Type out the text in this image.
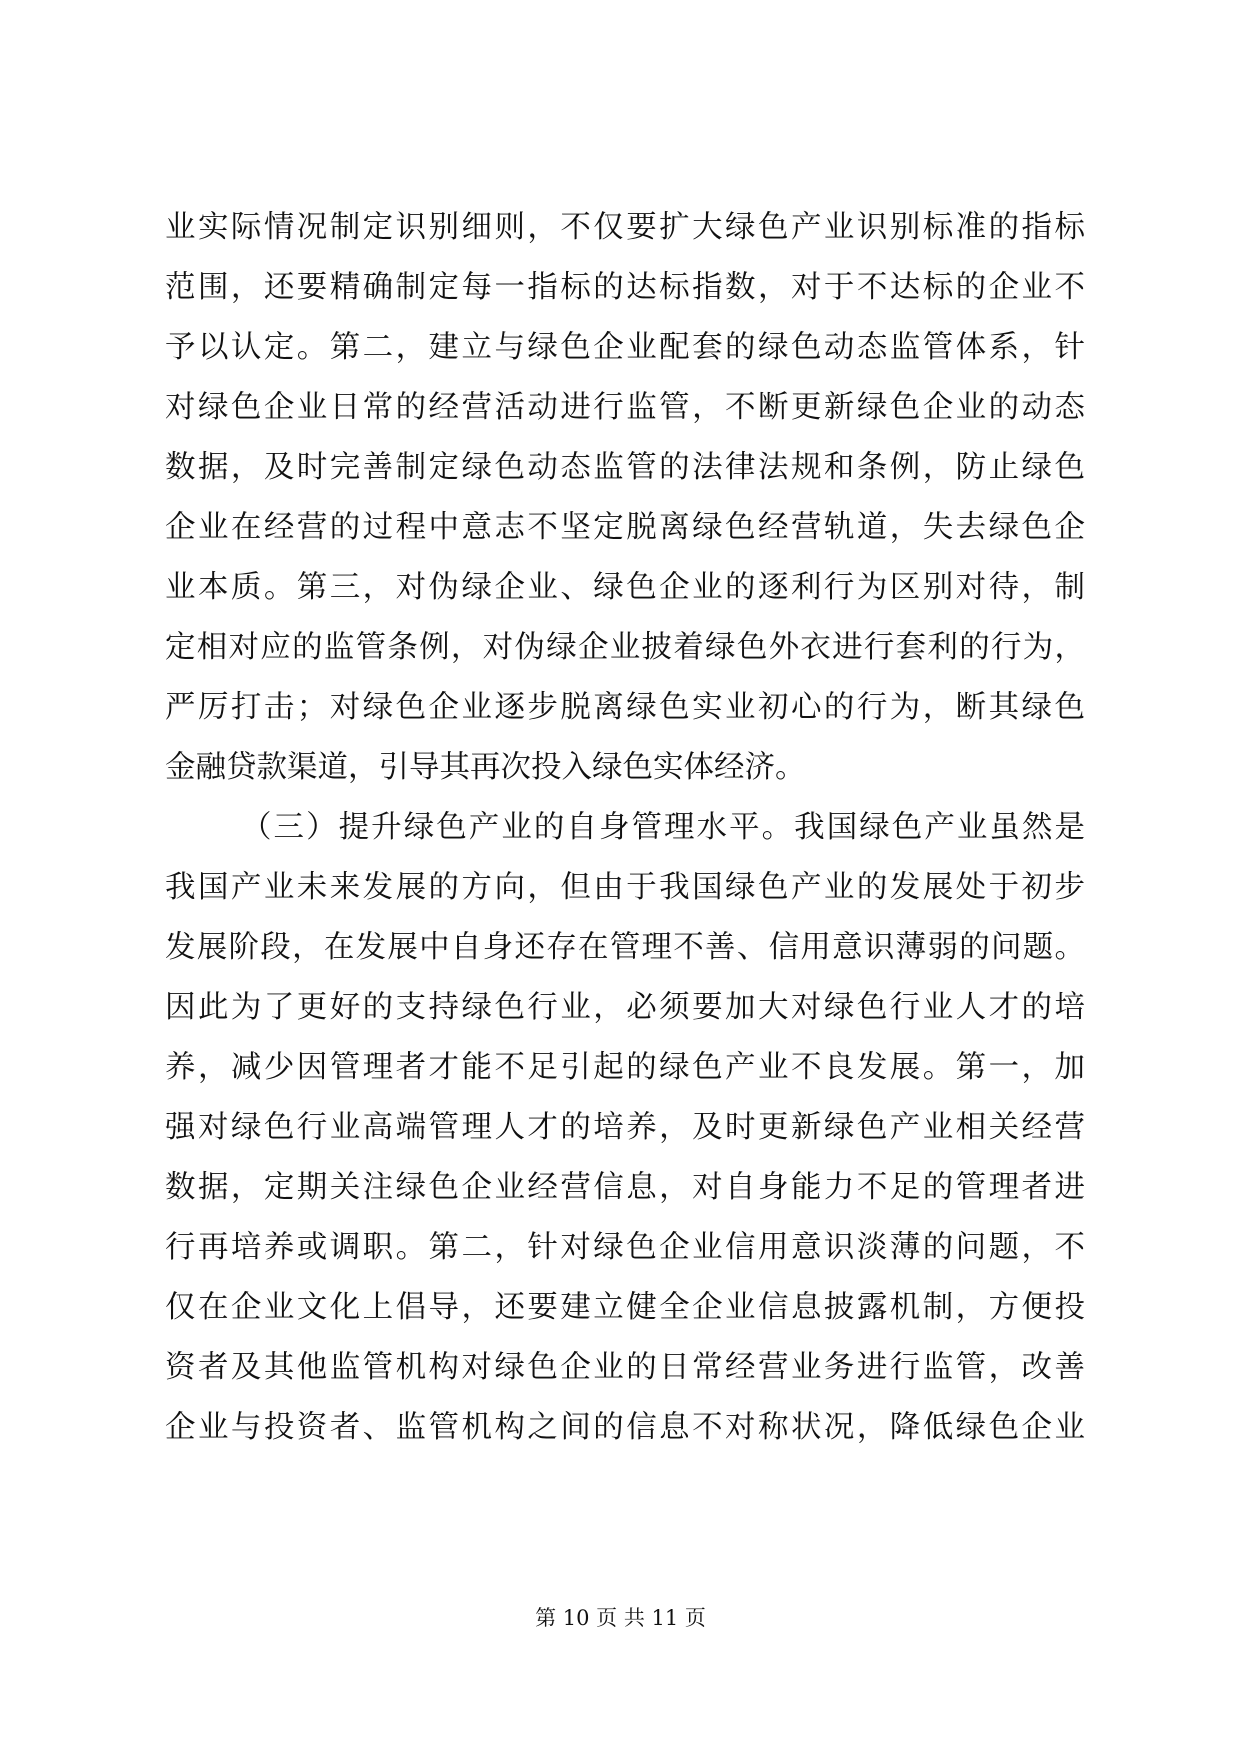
业实际情况制定识别细则，不仅要扩大绿色产业识别标准的指标
范围，还要精确制定每一指标的达标指数，对于不达标的企业不
予以认定。第二，建立与绿色企业配套的绿色动态监管体系，针
对绿色企业日常的经营活动进行监管，不断更新绿色企业的动态
数据，及时完善制定绿色动态监管的法律法规和条例，防止绿色
企业在经营的过程中意志不坚定脱离绿色经营轨道，失去绿色企
业本质。第三，对伪绿企业、绿色企业的逐利行为区别对待，制
定相对应的监管条例，对伪绿企业披着绿色外衣进行套利的行为，
严厉打击；对绿色企业逐步脱离绿色实业初心的行为，断其绿色
金融贷款渠道，引导其再次投入绿色实体经济。
（三）提升绿色产业的自身管理水平。我国绿色产业虽然是
我国产业未来发展的方向，但由于我国绿色产业的发展处于初步
发展阶段，在发展中自身还存在管理不善、信用意识薄弱的问题。
因此为了更好的支持绿色行业，必须要加大对绿色行业人才的培
养，减少因管理者才能不足引起的绿色产业不良发展。第一，加
强对绿色行业高端管理人才的培养，及时更新绿色产业相关经营
数据，定期关注绿色企业经营信息，对自身能力不足的管理者进
行再培养或调职。第二，针对绿色企业信用意识淡薄的问题，不
仅在企业文化上倡导，还要建立健全企业信息披露机制，方便投
资者及其他监管机构对绿色企业的日常经营业务进行监管，改善
企业与投资者、监管机构之间的信息不对称状况，降低绿色企业
第 10 页 共 11 页
